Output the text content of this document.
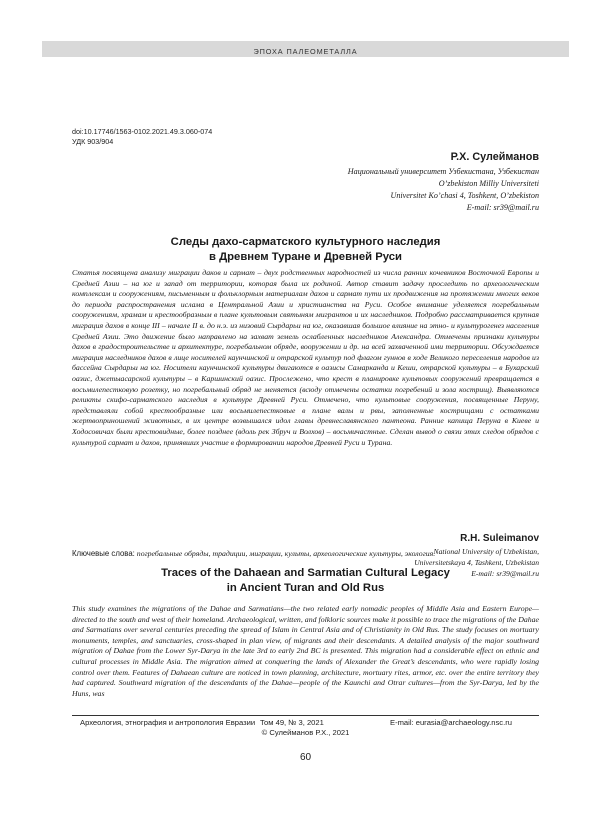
ЭПОХА ПАЛЕОМЕТАЛЛА
doi:10.17746/1563-0102.2021.49.3.060-074
УДК 903/904
Р.Х. Сулейманов
Национальный университет Узбекистана, Узбекистан
O’zbekiston Milliy Universiteti
Universitet Ko’chasi 4, Toshkent, O’zbekiston
E-mail: sr39@mail.ru
Следы дахо-сарматского культурного наследия
в Древнем Туране и Древней Руси

Статья посвящена анализу миграции даков и сармат – двух родственных народностей из числа ранних кочевников Восточной Европы и Средней Азии – на юг и запад от территории, которая была их родиной. Автор ставит задачу проследить по археологическим комплексам и сооружениям, письменным и фольклорным материалам дахов и сармат пути их продвижения на протяжении многих веков до периода распространения ислама в Центральной Азии и христианства на Руси. Особое внимание уделяется погребальным сооружениям, храмам и крестообразным в плане культовым святыням мигрантов и их наследников. Подробно рассматривается крупная миграция дахов в конце III – начале II в. до н.э. из низовий Сырдарьи на юг, оказавшая большое влияние на этно- и культурогенез населения Средней Азии. Это движение было направлено на захват земель ослабленных наследников Александра. Отмечены признаки культуры дахов в градостроительстве и архитектуре, погребальном обряде, вооружении и др. на всей захваченной ими территории. Обсуждается миграция наследников дахов в лице носителей каунчинской и отрарской культур под флагом гуннов в ходе Великого переселения народов из бассейна Сырдарьи на юг. Носители каунчинской культуры двигаются в оазисы Самарканда и Кеши, отрарской культуры – в Бухарский оазис, джетыасарской культуры – в Каршинский оазис. Прослежено, что крест в планировке культовых сооружений превращается в восьмилепестковую розетку, но погребальный обряд не меняется (всюду отмечены остатки погребений и зола кострищ). Выявляются реликты скифо-сарматского наследия в культуре Древней Руси. Отмечено, что культовые сооружения, посвященные Перуну, представляли собой крестообразные или восьмилепестковые в плане валы и рвы, заполненные кострищами с остатками жертвоприношений животных, в их центре возвышался идол главы древнеславянского пантеона. Ранние капища Перуна в Киеве и Ходосовичах были крестовидные, более позднее (вдоль рек Збруч и Волхов) – восьмичастные. Сделан вывод о связи этих следов обрядов с культурой сармат и дахов, принявших участие в формировании народов Древней Руси и Турана.

R.H. Suleimanov
Ключевые слова: погребальные обряды, традиции, миграции, культы, археологические культуры, экология.
National University of Uzbekistan,
Universitetskaya 4, Tashkent, Uzbekistan
E-mail: sr39@mail.ru
Traces of the Dahaean and Sarmatian Cultural Legacy
in Ancient Turan and Old Rus

This study examines the migrations of the Dahae and Sarmatians—the two related early nomadic peoples of Middle Asia and Eastern Europe—directed to the south and west of their homeland. Archaeological, written, and folkloric sources make it possible to trace the migrations of the Dahae and Sarmatians over several centuries preceding the spread of Islam in Central Asia and of Christianity in Old Rus. The study focuses on mortuary monuments, temples, and sanctuaries, cross-shaped in plan view, of migrants and their descendants. A detailed analysis of the major southward migration of Dahae from the Lower Syr-Darya in the late 3rd to early 2nd BC is presented. This migration had a considerable effect on ethnic and cultural processes in Middle Asia. The migration aimed at conquering the lands of Alexander the Great’s descendants, who were rapidly losing control over them. Features of Dahaean culture are noticed in town planning, architecture, mortuary rites, armor, etc. over the entire territory they had captured. Southward migration of the descendants of the Dahae—people of the Kaunchi and Otrar cultures—from the Syr-Darya, led by the Huns, was

Археология, этнография и антропология Евразии Том 49, № 3, 2021	E-mail: eurasia@archaeology.nsc.ru
© Сулейманов Р.Х., 2021
60
